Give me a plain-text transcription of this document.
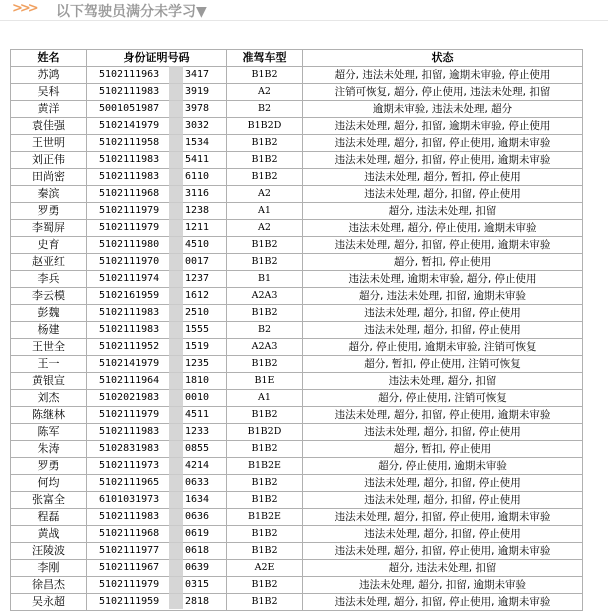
>>> 以下驾驶员满分未学习▼
姓名	身份证明号码	准驾车型	状态
苏鸿	5102111963 3417	B1B2	超分, 违法未处理, 扣留, 逾期未审验, 停止使用
吴科	5102111983 3919	A2	注销可恢复, 超分, 停止使用, 违法未处理, 扣留
黄洋	5001051987 3978	B2	逾期未审验, 违法未处理, 超分
袁佳强	5102141979 3032	B1B2D	违法未处理, 超分, 扣留, 逾期未审验, 停止使用
王世明	5102111958 1534	B1B2	违法未处理, 超分, 扣留, 停止使用, 逾期未审验
刘正伟	5102111983 5411	B1B2	违法未处理, 超分, 扣留, 停止使用, 逾期未审验
田尚密	5102111983 6110	B1B2	违法未处理, 超分, 暂扣, 停止使用
秦滨	5102111968 3116	A2	违法未处理, 超分, 扣留, 停止使用
罗勇	5102111979 1238	A1	超分, 违法未处理, 扣留
李蜀屏	5102111979 1211	A2	违法未处理, 超分, 停止使用, 逾期未审验
史育	5102111980 4510	B1B2	违法未处理, 超分, 扣留, 停止使用, 逾期未审验
赵亚红	5102111970 0017	B1B2	超分, 暂扣, 停止使用
李兵	5102111974 1237	B1	违法未处理, 逾期未审验, 超分, 停止使用
李云模	5102161959 1612	A2A3	超分, 违法未处理, 扣留, 逾期未审验
彭魏	5102111983 2510	B1B2	违法未处理, 超分, 扣留, 停止使用
杨建	5102111983 1555	B2	违法未处理, 超分, 扣留, 停止使用
王世全	5102111952 1519	A2A3	超分, 停止使用, 逾期未审验, 注销可恢复
王一	5102141979 1235	B1B2	超分, 暂扣, 停止使用, 注销可恢复
黄银宣	5102111964 1810	B1E	违法未处理, 超分, 扣留
刘杰	5102021983 0010	A1	超分, 停止使用, 注销可恢复
陈继林	5102111979 4511	B1B2	违法未处理, 超分, 扣留, 停止使用, 逾期未审验
陈军	5102111983 1233	B1B2D	违法未处理, 超分, 扣留, 停止使用
朱涛	5102831983 0855	B1B2	超分, 暂扣, 停止使用
罗勇	5102111973 4214	B1B2E	超分, 停止使用, 逾期未审验
何均	5102111965 0633	B1B2	违法未处理, 超分, 扣留, 停止使用
张富全	6101031973 1634	B1B2	违法未处理, 超分, 扣留, 停止使用
程磊	5102111983 0636	B1B2E	违法未处理, 超分, 扣留, 停止使用, 逾期未审验
黄战	5102111968 0619	B1B2	违法未处理, 超分, 扣留, 停止使用
汪陵波	5102111977 0618	B1B2	违法未处理, 超分, 扣留, 停止使用, 逾期未审验
李刚	5102111967 0639	A2E	超分, 违法未处理, 扣留
徐昌杰	5102111979 0315	B1B2	违法未处理, 超分, 扣留, 逾期未审验
吴永超	5102111959 2818	B1B2	违法未处理, 超分, 扣留, 停止使用, 逾期未审验
